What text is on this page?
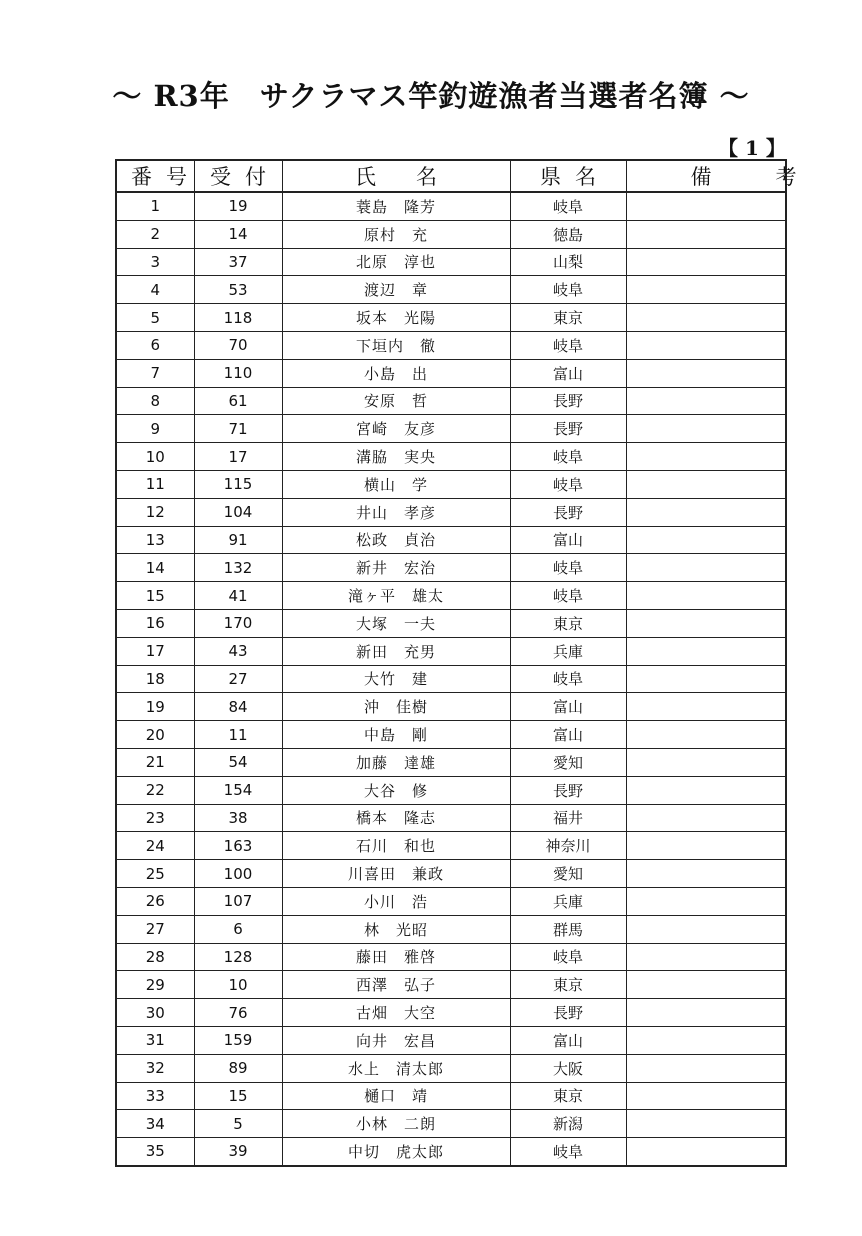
～ R3年　サクラマス竿釣遊漁者当選者名簿 ～
【 1 】
番号	受付	氏名	県名	備考
1	19	蓑島　隆芳	岐阜	
2	14	原村　充	徳島	
3	37	北原　淳也	山梨	
4	53	渡辺　章	岐阜	
5	118	坂本　光陽	東京	
6	70	下垣内　徹	岐阜	
7	110	小島　出	富山	
8	61	安原　哲	長野	
9	71	宮崎　友彦	長野	
10	17	溝脇　実央	岐阜	
11	115	横山　学	岐阜	
12	104	井山　孝彦	長野	
13	91	松政　貞治	富山	
14	132	新井　宏治	岐阜	
15	41	滝ヶ平　雄太	岐阜	
16	170	大塚　一夫	東京	
17	43	新田　充男	兵庫	
18	27	大竹　建	岐阜	
19	84	沖　佳樹	富山	
20	11	中島　剛	富山	
21	54	加藤　達雄	愛知	
22	154	大谷　修	長野	
23	38	橋本　隆志	福井	
24	163	石川　和也	神奈川	
25	100	川喜田　兼政	愛知	
26	107	小川　浩	兵庫	
27	6	林　光昭	群馬	
28	128	藤田　雅啓	岐阜	
29	10	西澤　弘子	東京	
30	76	古畑　大空	長野	
31	159	向井　宏昌	富山	
32	89	水上　清太郎	大阪	
33	15	樋口　靖	東京	
34	5	小林　二朗	新潟	
35	39	中切　虎太郎	岐阜	
